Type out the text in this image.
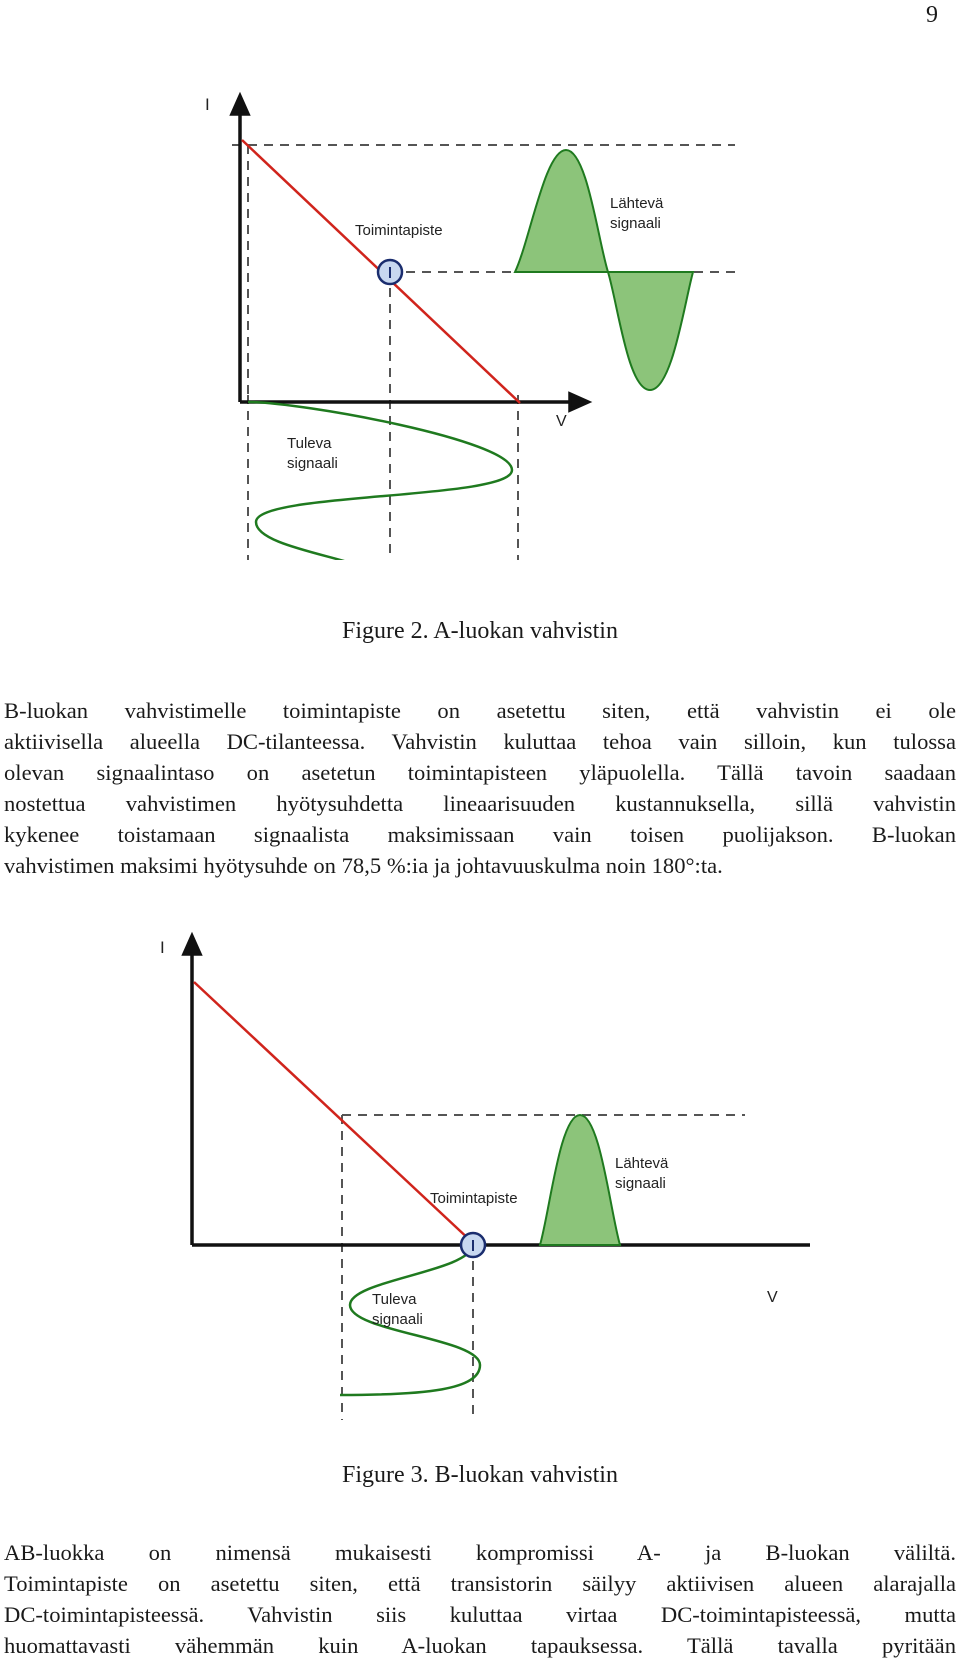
9
I
V
Toimintapiste
Lähtevä
signaali
Tuleva
signaali
Figure 2. A-luokan vahvistin
B-luokan vahvistimelle toimintapiste on asetettu siten, että vahvistin ei ole
aktiivisella alueella DC-tilanteessa. Vahvistin kuluttaa tehoa vain silloin, kun tulossa
olevan signaalintaso on asetetun toimintapisteen yläpuolella. Tällä tavoin saadaan
nostettua vahvistimen hyötysuhdetta lineaarisuuden kustannuksella, sillä vahvistin
kykenee toistamaan signaalista maksimissaan vain toisen puolijakson. B-luokan
vahvistimen maksimi hyötysuhde on 78,5 %:ia ja johtavuuskulma noin 180°:ta.
I
V
Toimintapiste
Lähtevä
signaali
Tuleva
signaali
Figure 3. B-luokan vahvistin
AB-luokka on nimensä mukaisesti kompromissi A- ja B-luokan väliltä.
Toimintapiste on asetettu siten, että transistorin säilyy aktiivisen alueen alarajalla
DC-toimintapisteessä. Vahvistin siis kuluttaa virtaa DC-toimintapisteessä, mutta
huomattavasti vähemmän kuin A-luokan tapauksessa. Tällä tavalla pyritään
